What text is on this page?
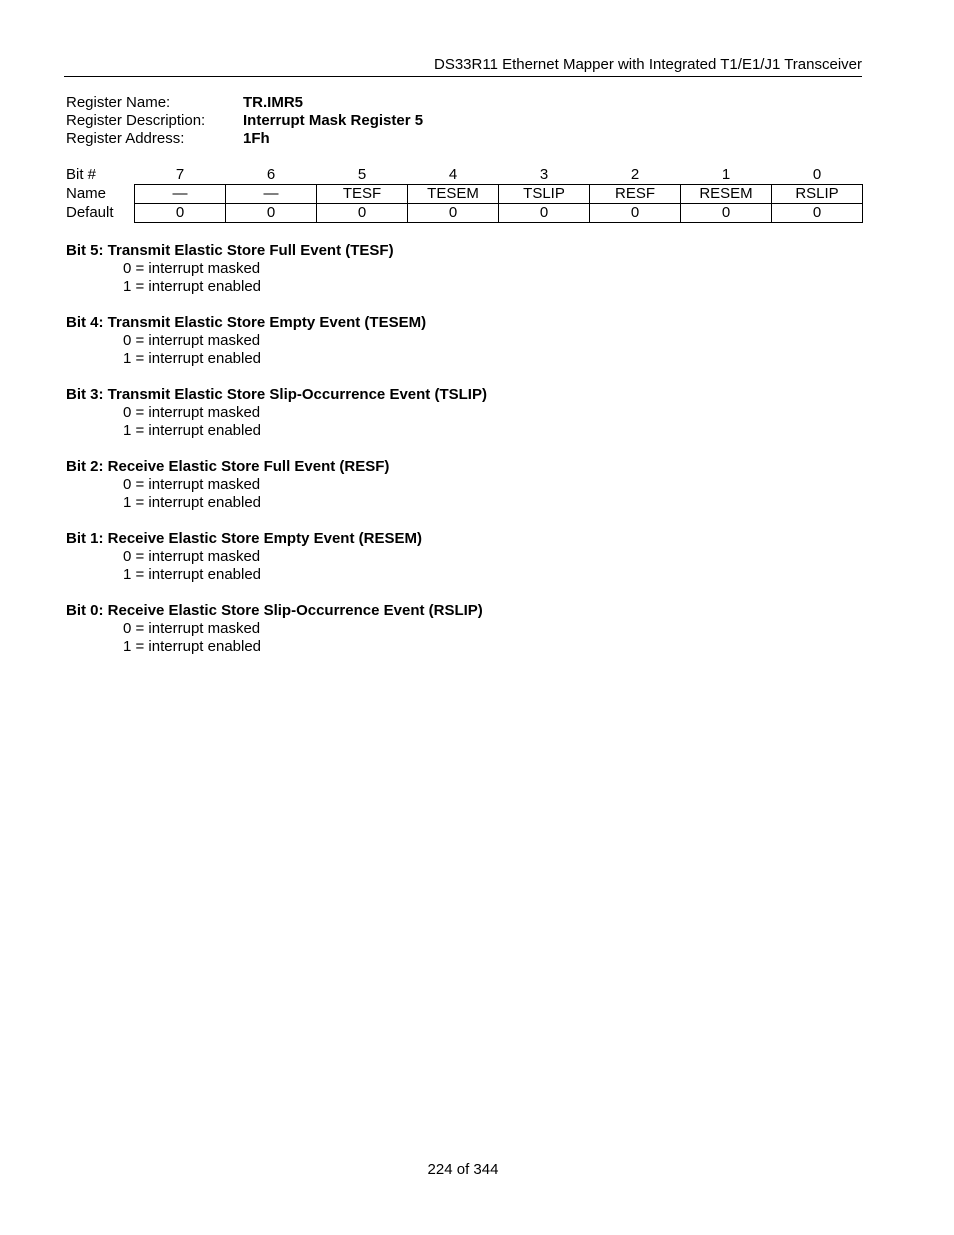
DS33R11 Ethernet Mapper with Integrated T1/E1/J1 Transceiver
Register Name:	TR.IMR5
Register Description:	Interrupt Mask Register 5
Register Address:	1Fh
Bit #	7	6	5	4	3	2	1	0
Name	—	—	TESF	TESEM	TSLIP	RESF	RESEM	RSLIP
Default	0	0	0	0	0	0	0	0
Bit 5: Transmit Elastic Store Full Event (TESF)
0 = interrupt masked
1 = interrupt enabled
Bit 4: Transmit Elastic Store Empty Event (TESEM)
0 = interrupt masked
1 = interrupt enabled
Bit 3: Transmit Elastic Store Slip-Occurrence Event (TSLIP)
0 = interrupt masked
1 = interrupt enabled
Bit 2: Receive Elastic Store Full Event (RESF)
0 = interrupt masked
1 = interrupt enabled
Bit 1: Receive Elastic Store Empty Event (RESEM)
0 = interrupt masked
1 = interrupt enabled
Bit 0: Receive Elastic Store Slip-Occurrence Event (RSLIP)
0 = interrupt masked
1 = interrupt enabled
224 of 344
